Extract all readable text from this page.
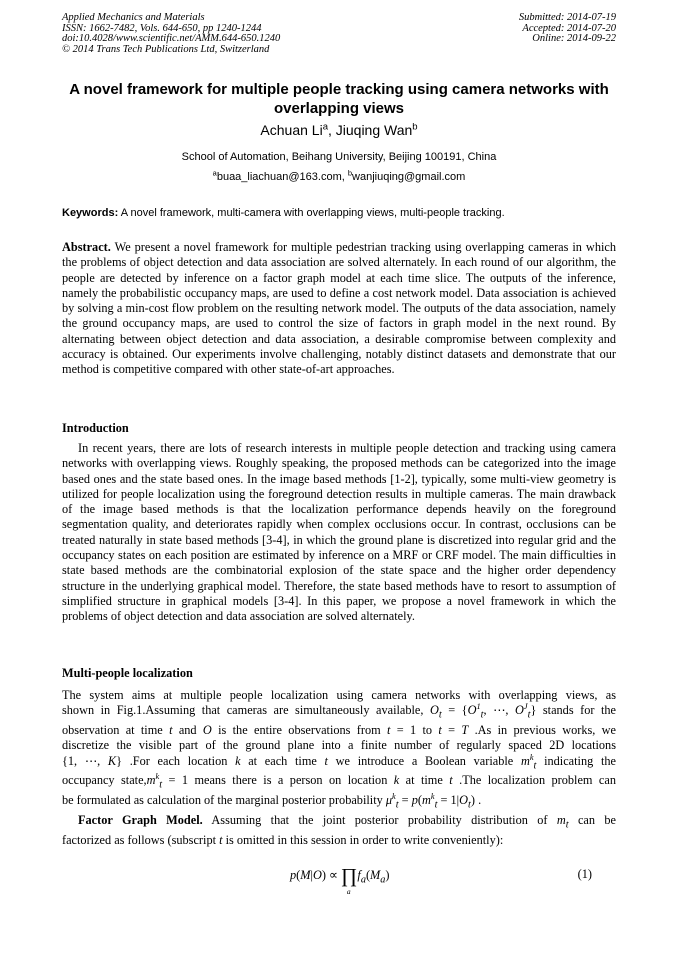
Applied Mechanics and Materials
ISSN: 1662-7482, Vols. 644-650, pp 1240-1244
doi:10.4028/www.scientific.net/AMM.644-650.1240
© 2014 Trans Tech Publications Ltd, Switzerland
Submitted: 2014-07-19
Accepted: 2014-07-20
Online: 2014-09-22
A novel framework for multiple people tracking using camera networks with overlapping views
Achuan Li$^a$, Jiuqing Wan$^b$
School of Automation, Beihang University, Beijing 100191, China
$^a$buaa_liachuan@163.com, $^b$wanjiuqing@gmail.com
Keywords: A novel framework, multi-camera with overlapping views, multi-people tracking.
Abstract. We present a novel framework for multiple pedestrian tracking using overlapping cameras in which the problems of object detection and data association are solved alternately. In each round of our algorithm, the people are detected by inference on a factor graph model at each time slice. The outputs of the inference, namely the probabilistic occupancy maps, are used to define a cost network model. Data association is achieved by solving a min-cost flow problem on the resulting network model. The outputs of the data association, namely the ground occupancy maps, are used to control the size of factors in graph model in the next round. By alternating between object detection and data association, a desirable compromise between complexity and accuracy is obtained. Our experiments involve challenging, notably distinct datasets and demonstrate that our method is competitive compared with other state-of-art approaches.
Introduction
In recent years, there are lots of research interests in multiple people detection and tracking using camera networks with overlapping views. Roughly speaking, the proposed methods can be categorized into the image based ones and the state based ones. In the image based methods [1-2], typically, some multi-view geometry is utilized for people localization using the foreground detection results in multiple cameras. The main drawback of the image based methods is that the localization performance depends heavily on the foreground segmentation quality, and deteriorates rapidly when complex occlusions occur. In contrast, occlusions can be treated naturally in state based methods [3-4], in which the ground plane is discretized into regular grid and the occupancy states on each position are estimated by inference on a MRF or CRF model. The main difficulties in state based methods are the combinatorial explosion of the state space and the higher order dependency structure in the underlying graphical model. Therefore, the state based methods have to resort to assumption of simplified structure in graphical models [3-4]. In this paper, we propose a novel framework in which the problems of object detection and data association are solved alternately.
Multi-people localization
The system aims at multiple people localization using camera networks with overlapping views, as
shown in Fig.1.Assuming that cameras are simultaneously available, $O_t = \{O^1_t$, ⋯, $O^J_t$} stands for the
observation at time t and O is the entire observations from t = 1 to t = T .As in previous works, we
discretize the visible part of the ground plane into a finite number of regularly spaced 2D locations
{1, ⋯, K} .For each location k at each time t we introduce a Boolean variable $m^k_t$ indicating the
occupancy $state,m^k_t = 1$ means there is a person on location k at time t .The localization problem can
be formulated as calculation of the marginal posterior probability $\mu^k_t = p(m^k_t = 1|O_t)$ .
Factor Graph Model. Assuming that the joint posterior probability distribution of $m_t$ can be
factorized as follows (subscript t is omitted in this session in order to write conveniently):
p(M|O) ∝ ∏
a
$f_a(M_a)$	(1)
